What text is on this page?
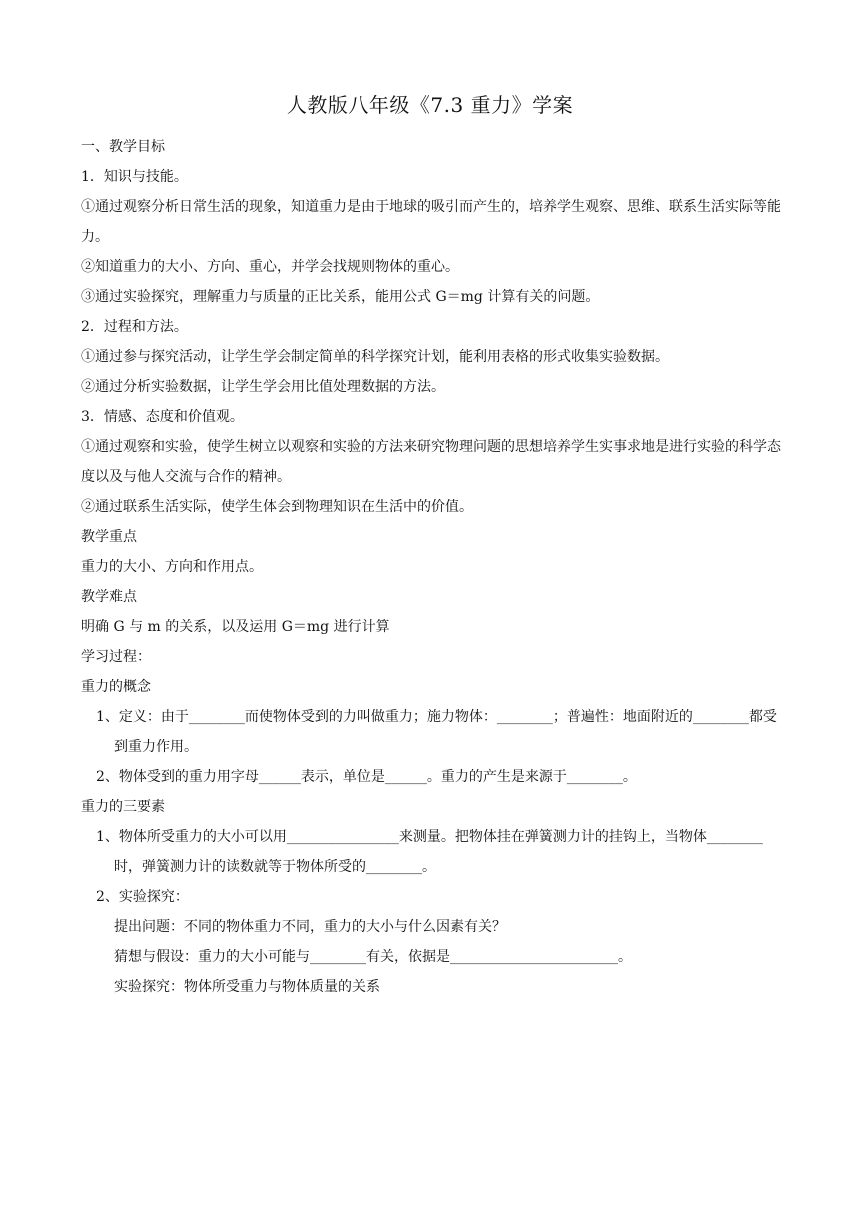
人教版八年级《7.3 重力》学案

一、教学目标

1．知识与技能。

①通过观察分析日常生活的现象，知道重力是由于地球的吸引而产生的，培养学生观察、思维、联系生活实际等能力。

②知道重力的大小、方向、重心，并学会找规则物体的重心。

③通过实验探究，理解重力与质量的正比关系，能用公式 G＝mg 计算有关的问题。

2．过程和方法。

①通过参与探究活动，让学生学会制定简单的科学探究计划，能利用表格的形式收集实验数据。

②通过分析实验数据，让学生学会用比值处理数据的方法。

3．情感、态度和价值观。

①通过观察和实验，使学生树立以观察和实验的方法来研究物理问题的思想培养学生实事求地是进行实验的科学态度以及与他人交流与合作的精神。

②通过联系生活实际，使学生体会到物理知识在生活中的价值。

教学重点

重力的大小、方向和作用点。

教学难点

明确 G 与 m 的关系，以及运用 G＝mg 进行计算

学习过程：

重力的概念

1、定义：由于________而使物体受到的力叫做重力；施力物体：________；普遍性：地面附近的________都受到重力作用。

2、物体受到的重力用字母______表示，单位是______。重力的产生是来源于________。

重力的三要素

1、物体所受重力的大小可以用________________来测量。把物体挂在弹簧测力计的挂钩上，当物体________时，弹簧测力计的读数就等于物体所受的________。

2、实验探究：

提出问题：不同的物体重力不同，重力的大小与什么因素有关？

猜想与假设：重力的大小可能与________有关，依据是________________________。

实验探究：物体所受重力与物体质量的关系
